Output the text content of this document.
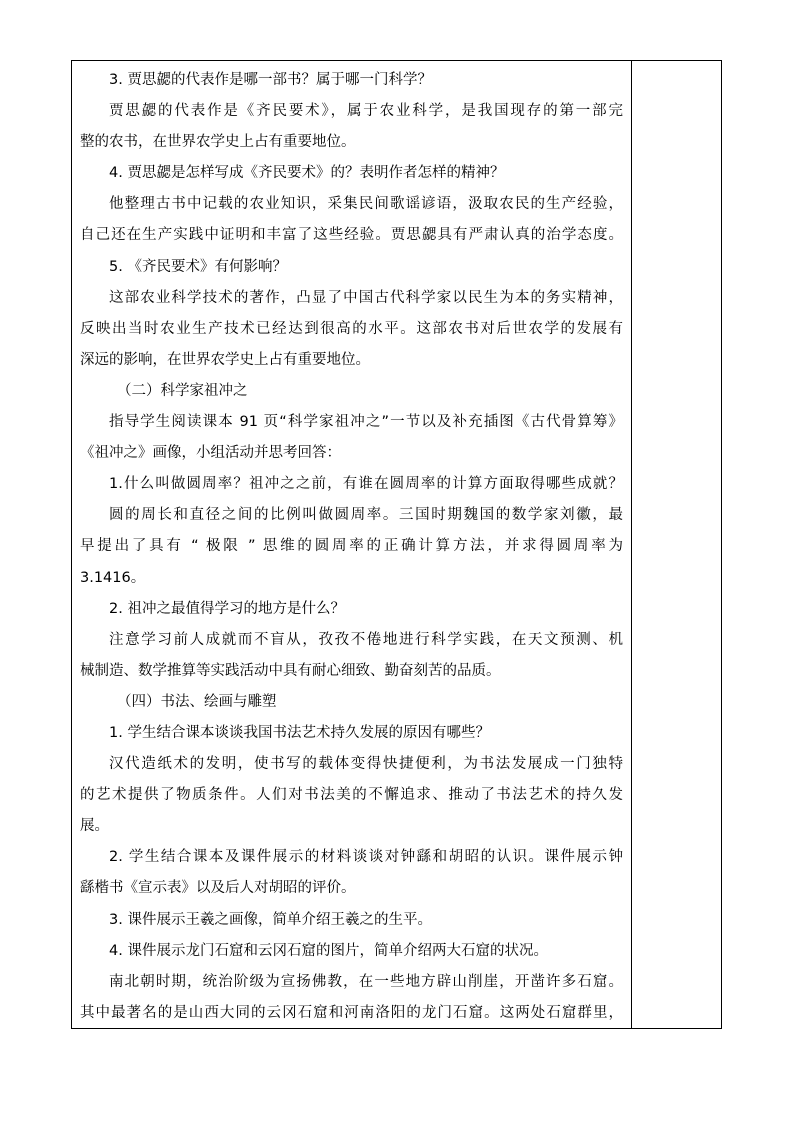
3. 贾思勰的代表作是哪一部书？属于哪一门科学？
贾思勰的代表作是《齐民要术》，属于农业科学，是我国现存的第一部完
整的农书，在世界农学史上占有重要地位。
4. 贾思勰是怎样写成《齐民要术》的？表明作者怎样的精神？
他整理古书中记载的农业知识，采集民间歌谣谚语，汲取农民的生产经验，
自己还在生产实践中证明和丰富了这些经验。贾思勰具有严肃认真的治学态度。
5. 《齐民要术》有何影响？
这部农业科学技术的著作，凸显了中国古代科学家以民生为本的务实精神，
反映出当时农业生产技术已经达到很高的水平。这部农书对后世农学的发展有
深远的影响，在世界农学史上占有重要地位。
（二）科学家祖冲之
指导学生阅读课本 91 页“科学家祖冲之”一节以及补充插图《古代骨算筹》
《祖冲之》画像，小组活动并思考回答：
1.什么叫做圆周率？祖冲之之前，有谁在圆周率的计算方面取得哪些成就？
圆的周长和直径之间的比例叫做圆周率。三国时期魏国的数学家刘徽，最
早提出了具有 “ 极限 ” 思维的圆周率的正确计算方法，并求得圆周率为
3.1416。
2. 祖冲之最值得学习的地方是什么？
注意学习前人成就而不盲从，孜孜不倦地进行科学实践，在天文预测、机
械制造、数学推算等实践活动中具有耐心细致、勤奋刻苦的品质。
（四）书法、绘画与雕塑
1. 学生结合课本谈谈我国书法艺术持久发展的原因有哪些？
汉代造纸术的发明，使书写的载体变得快捷便利，为书法发展成一门独特
的艺术提供了物质条件。人们对书法美的不懈追求、推动了书法艺术的持久发
展。
2. 学生结合课本及课件展示的材料谈谈对钟繇和胡昭的认识。课件展示钟
繇楷书《宣示表》以及后人对胡昭的评价。
3. 课件展示王羲之画像，简单介绍王羲之的生平。
4. 课件展示龙门石窟和云冈石窟的图片，简单介绍两大石窟的状况。
南北朝时期，统治阶级为宣扬佛教，在一些地方辟山削崖，开凿许多石窟。
其中最著名的是山西大同的云冈石窟和河南洛阳的龙门石窟。这两处石窟群里，
